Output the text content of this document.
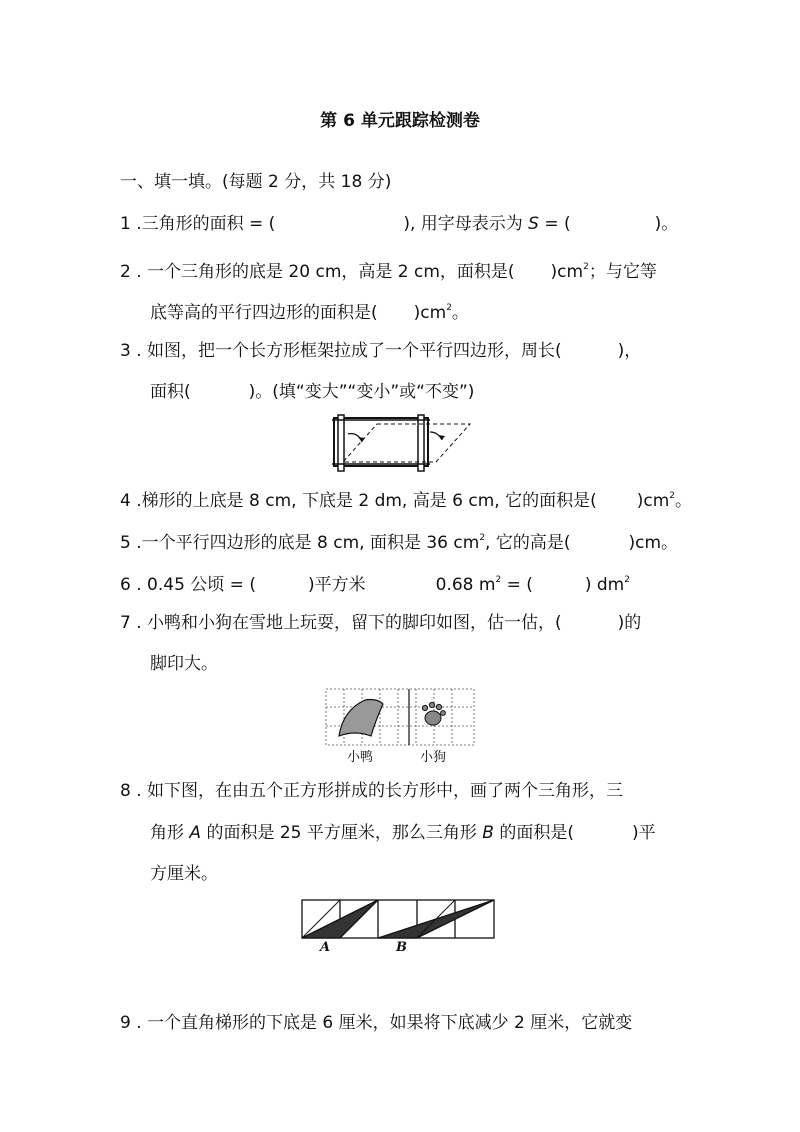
第 6 单元跟踪检测卷
一、填一填。(每题 2 分，共 18 分)
1 .三角形的面积 = (	), 用字母表示为 S = (	)。
2 . 一个三角形的底是 20 cm，高是 2 cm，面积是( )$cm^2$；与它等
底等高的平行四边形的面积是( )$cm^2$。
3 . 如图，把一个长方形框架拉成了一个平行四边形，周长(	)，
面积(	)。(填“变大”“变小”或“不变”)
4 .梯形的上底是 8 cm, 下底是 2 dm, 高是 6 cm, 它的面积是( )$cm^2$。
5 .一个平行四边形的底是 8 cm, 面积是 36 $cm^2$, 它的高是(	)cm。
6 . 0.45 公顷 = (	)平方米	0.68 $m^2$ = (	) $dm^2$
7 . 小鸭和小狗在雪地上玩耍，留下的脚印如图，估一估，(	)的
脚印大。
小鸭	小狗
8 . 如下图，在由五个正方形拼成的长方形中，画了两个三角形，三
角形 A 的面积是 25 平方厘米，那么三角形 B 的面积是(	)平
方厘米。
A	B
9 . 一个直角梯形的下底是 6 厘米，如果将下底减少 2 厘米，它就变
